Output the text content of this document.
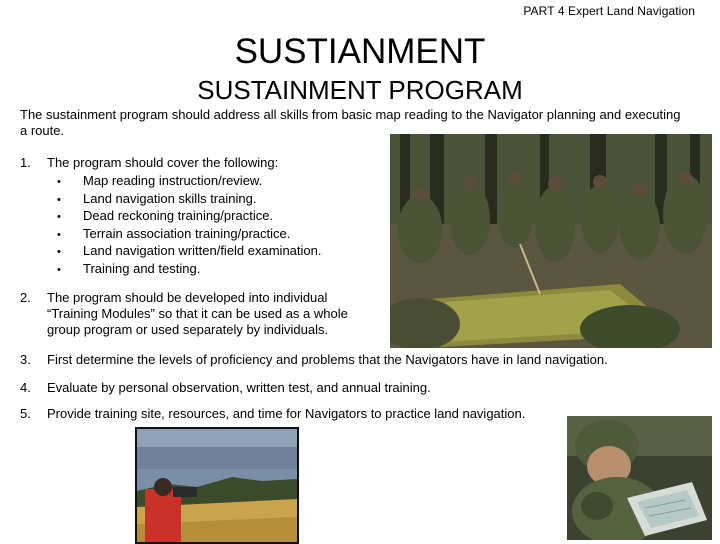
PART 4 Expert Land Navigation
SUSTIANMENT
SUSTAINMENT PROGRAM
The sustainment program should address all skills from basic map reading to the Navigator planning and executing a route.
1. The program should cover the following:
• Map reading instruction/review.
• Land navigation skills training.
• Dead reckoning training/practice.
• Terrain association training/practice.
• Land navigation written/field examination.
• Training and testing.
2. The program should be developed into individual
“Training Modules” so that it can be used as a whole
group program or used separately by individuals.
3. First determine the levels of proficiency and problems that the Navigators have in land navigation.
4. Evaluate by personal observation, written test, and annual training.
5. Provide training site, resources, and time for Navigators to practice land navigation.
